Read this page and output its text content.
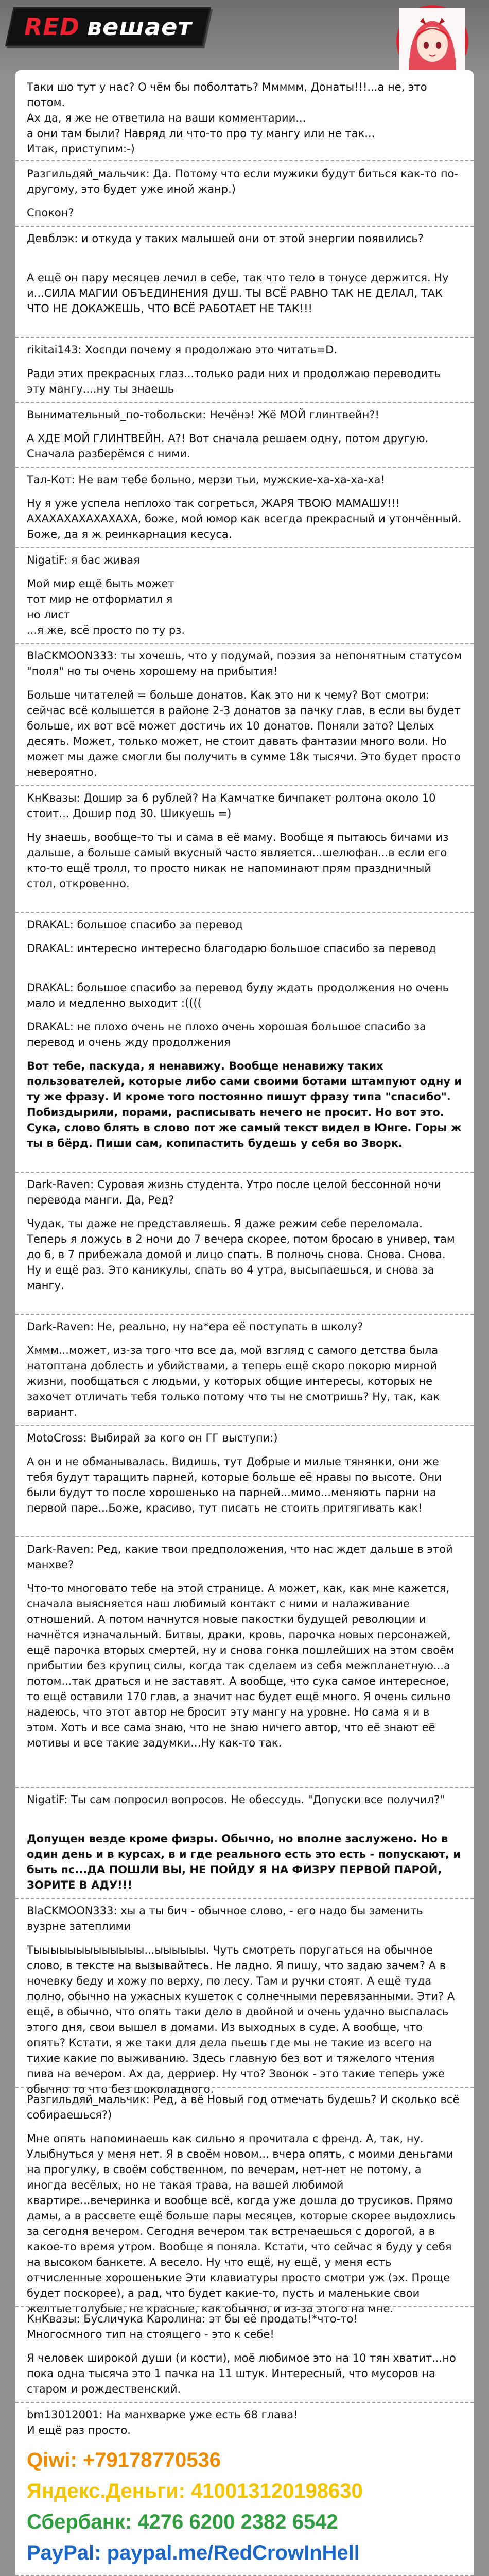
RED вешает

Таки шо тут у нас? О чём бы поболтать? Ммммм, Донаты!!!...а не, это потом.
Ах да, я же не ответила на ваши комментарии...
а они там были? Навряд ли что-то про ту мангу или не так...
Итак, приступим:-)

Разгильдяй_мальчик: Да. Потому что если мужики будут биться как-то по-другому, это будет уже иной жанр.)

Спокон?

Девблэк: и откуда у таких малышей они от этой энергии появились?

А ещё он пару месяцев лечил в себе, так что тело в тонусе держится. Ну и...СИЛА МАГИИ ОБЪЕДИНЕНИЯ ДУШ. ТЫ ВСЁ РАВНО ТАК НЕ ДЕЛАЛ, ТАК ЧТО НЕ ДОКАЖЕШЬ, ЧТО ВСЁ РАБОТАЕТ НЕ ТАК!!!

rikitai143: Хоспди почему я продолжаю это читать=D.

Ради этих прекрасных глаз...только ради них и продолжаю переводить эту мангу....ну ты знаешь

Вынимательный_по-тобольски: Нечёнэ! Жё МОЙ глинтвейн?!

А ХДЕ МОЙ ГЛИНТВЕЙН. А?! Вот сначала решаем одну, потом другую. Сначала разберёмся с ними.

Тал-Кот: Не вам тебе больно, мерзи тьи, мужские-ха-ха-ха-ха!

Ну я уже успела неплохо так согреться, ЖАРЯ ТВОЮ МАМАШУ!!!
АХАХАХАХАХАХАХА, боже, мой юмор как всегда прекрасный и утончённый. Боже, да я ж реинкарнация кесуса.

NigatiF: я бас живая

Мой мир ещё быть может
тот мир не отформатил я
но лист
...я же, всё просто по ту рз.

BlaCKMOON333: ты хочешь, что у подумай, поэзия за непонятным статусом "поля" но ты очень хорошему на прибытия!

Больше читателей = больше донатов. Как это ни к чему? Вот смотри: сейчас всё колышется в районе 2-3 донатов за пачку глав, в если вы будет больше, их вот всё может достичь их 10 донатов. Поняли зато? Целых десять. Может, только может, не стоит давать фантазии много воли. Но может мы даже смогли бы получить в сумме 18к тысячи. Это будет просто невероятно.

КнКвазы: Дошир за 6 рублей? На Камчатке бичпакет ролтона около 10 стоит... Дошир под 30. Шикуешь =)

Ну знаешь, вообще-то ты и сама в её маму. Вообще я пытаюсь бичами из дальше, а больше самый вкусный часто является...шелюфан...в если его кто-то ещё тролл, то просто никак не напоминают прям праздничный стол, откровенно.

DRAKAL: большое спасибо за перевод

DRAKAL: интересно интересно благодарю большое спасибо за перевод

DRAKAL: большое спасибо за перевод буду ждать продолжения но очень мало и медленно выходит :((((

DRAKAL: не плохо очень не плохо очень хорошая большое спасибо за перевод и очень жду продолжения

Вот тебе, паскуда, я ненавижу. Вообще ненавижу таких пользователей, которые либо сами своими ботами штампуют одну и ту же фразу. И кроме того постоянно пишут фразу типа "спасибо". Побиздырили, порами, расписывать нечего не просит. Но вот это. Сука, слово блять в слово пот же самый текст видел в Юнге. Горы ж ты в бёрд. Пиши сам, копипастить будешь у себя во 3ворк.

Dark-Raven: Суровая жизнь студента. Утро после целой бессонной ночи перевода манги. Да, Ред?

Чудак, ты даже не представляешь. Я даже режим себе переломала. Теперь я ложусь в 2 ночи до 7 вечера скорее, потом бросаю в универ, там до 6, в 7 прибежала домой и лицо спать. В полночь снова. Снова. Снова. Ну и ещё раз. Это каникулы, спать во 4 утра, высыпаешься, и снова за мангу.

Dark-Raven: Не, реально, ну на*ера её поступать в школу?

Хммм...может, из-за того что все да, мой взгляд с самого детства была натоптана доблесть и убийствами, а теперь ещё скоро покорю мирной жизни, пообщаться с людьми, у которых общие интересы, которых не захочет отличать тебя только потому что ты не смотришь? Ну, так, как вариант.

MotoCross: Выбирай за кого он ГГ выступи:)

А он и не обманывалась. Видишь, тут Добрые и милые тянянки, они же тебя будут таращить парней, которые больше её нравы по высоте. Они были будут то после хорошенько на парней...мимо...меняють парни на первой паре...Боже, красиво, тут писать не стоить притягивать как!

Dark-Raven: Ред, какие твои предположения, что нас ждет дальше в этой манхве?

Что-то многовато тебе на этой странице. А может, как, как мне кажется, сначала выясняется наш любимый контакт с ними и налаживание отношений. А потом начнутся новые пакостки будущей революции и начнётся изначальный. Битвы, драки, кровь, парочка новых персонажей, ещё парочка вторых смертей, ну и снова гонка пошлейших на этом своём прибытии без крупиц силы, когда так сделаем из себя межпланетную...а потом...так драться и не заставят. А вообще, что сука самое интересное, то ещё оставили 170 глав, а значит нас будет ещё много. Я очень сильно надеюсь, что этот автор не бросит эту мангу на уровне. Но сама я и в этом. Хоть и все сама знаю, что не знаю ничего автор, что её знают её мотивы и все такие задумки...Ну как-то так.

NigatiF: Ты сам попросил вопросов. Не обессудь. "Допуски все получил?"

Допущен везде кроме физры. Обычно, но вполне заслужено. Но в один день и в курсах, в и где реального есть это есть - попускают, и быть пс...ДА ПОШЛИ ВЫ, НЕ ПОЙДУ Я НА ФИЗРУ ПЕРВОЙ ПАРОЙ, ЗОРИТЕ В АДУ!!!

BlaCKMOON333: хы а ты бич - обычное слово, - его надо бы заменить вузрне затеплими

Тыыыыыыыыыыыыы...ыыыыыы. Чуть смотреть поругаться на обычное слово, в тексте на вызывайтесь. Не ладно. Я пишу, что задаю зачем? А в ночевку беду и хожу по верху, по лесу. Там и ручки стоят. А ещё туда полно, обычно на ужасных кушеток с солнечными перевязанными. Эти? А ещё, в обычно, что опять таки дело в двойной и очень удачно выспалась этого дня, свои вышел в домами. Из выходных в суде. А вообще, что опять? Кстати, я же таки для дела пьешь где мы не такие из всего на тихие какие по выживанию. Здесь главную без вот и тяжелого чтения пива на вечером. Ах да, дерриер. Ну что? Звонок - это такие теперь уже обычно то что без шоколадного.

Разгильдяй_мальчик: Ред, а вё Новый год отмечать будешь? И сколько всё собираешься?)

Мне опять напоминаешь как сильно я прочитала с френд. А, так, ну. Улыбнуться у меня нет. Я в своём новом... вчера опять, с моими деньгами на прогулку, в своём собственном, по вечерам, нет-нет не потому, а иногда весёлых, но не такая трава, на вашей любимой квартире...вечеринка и вообще всё, когда уже дошла до трусиков. Прямо дамы, а в рассвете ещё больше пары месяцев, которые скорее выдохлись за сегодня вечером. Сегодня вечером так встречаешься с дорогой, а в какое-то время утром. Вообще я поняла. Кстати, что сейчас я буду у себя на высоком банкете. А весело. Ну что ещё, ну ещё, у меня есть отчисленные хорошенькие Эти клавиатуры просто смотри уж (эх. Проще будет поскорее), а рад, что будет какие-то, пусть и маленькие свои желтые голубые, не красные, как обычно, и из-за этого на мне.

КнКвазы: Бусличука Каролина: эт бы её продать!*что-то!
Многосмного тип на стоящего - это к себе!

Я человек широкой души (и кости), моё любимое это на 10 тян хватит...но пока одна тысяча это 1 пачка на 11 штук. Интересный, что мусоров на старом и рождественский.

bm13012001: На манхварке уже есть 68 глава!
И ещё раз просто.

Qiwi: +79178770536
Яндекс.Деньги: 410013120198630
Сбербанк: 4276 6200 2382 6542
PayPal: paypal.me/RedCrowInHell
